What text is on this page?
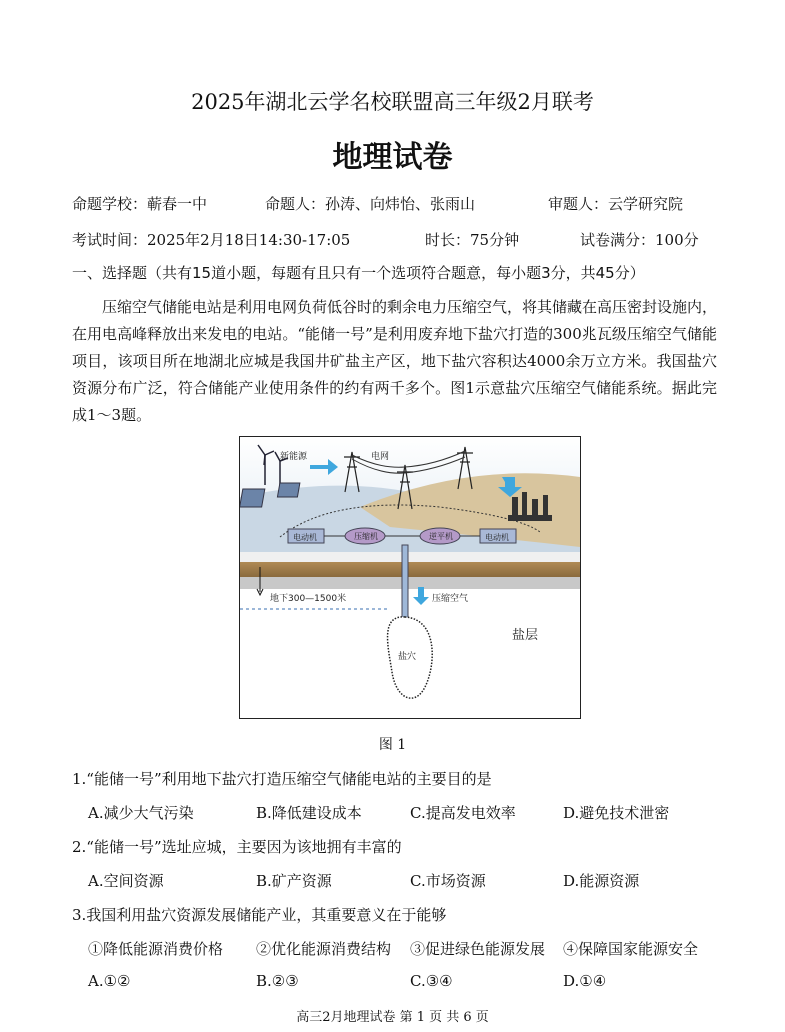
2025年湖北云学名校联盟高三年级2月联考
地理试卷
命题学校：蕲春一中	命题人：孙涛、向炜怡、张雨山	审题人：云学研究院
考试时间：2025年2月18日14:30-17:05	时长：75分钟	试卷满分：100分
一、选择题（共有15道小题，每题有且只有一个选项符合题意，每小题3分，共45分）
压缩空气储能电站是利用电网负荷低谷时的剩余电力压缩空气，将其储藏在高压密封设施内，在用电高峰释放出来发电的电站。“能储一号”是利用废弃地下盐穴打造的300兆瓦级压缩空气储能项目，该项目所在地湖北应城是我国井矿盐主产区，地下盐穴容积达4000余万立方米。我国盐穴资源分布广泛，符合储能产业使用条件的约有两千多个。图1示意盐穴压缩空气储能系统。据此完成1～3题。
新能源	电网
电动机	压缩机	逆平机	电动机
压缩空气
地下300—1500米
盐穴
盐层
图 1
1.“能储一号”利用地下盐穴打造压缩空气储能电站的主要目的是
A.减少大气污染	B.降低建设成本	C.提高发电效率	D.避免技术泄密
2.“能储一号”选址应城，主要因为该地拥有丰富的
A.空间资源	B.矿产资源	C.市场资源	D.能源资源
3.我国利用盐穴资源发展储能产业，其重要意义在于能够
①降低能源消费价格 ②优化能源消费结构 ③促进绿色能源发展 ④保障国家能源安全
A.①②	B.②③	C.③④	D.①④
高三2月地理试卷 第 1 页 共 6 页
